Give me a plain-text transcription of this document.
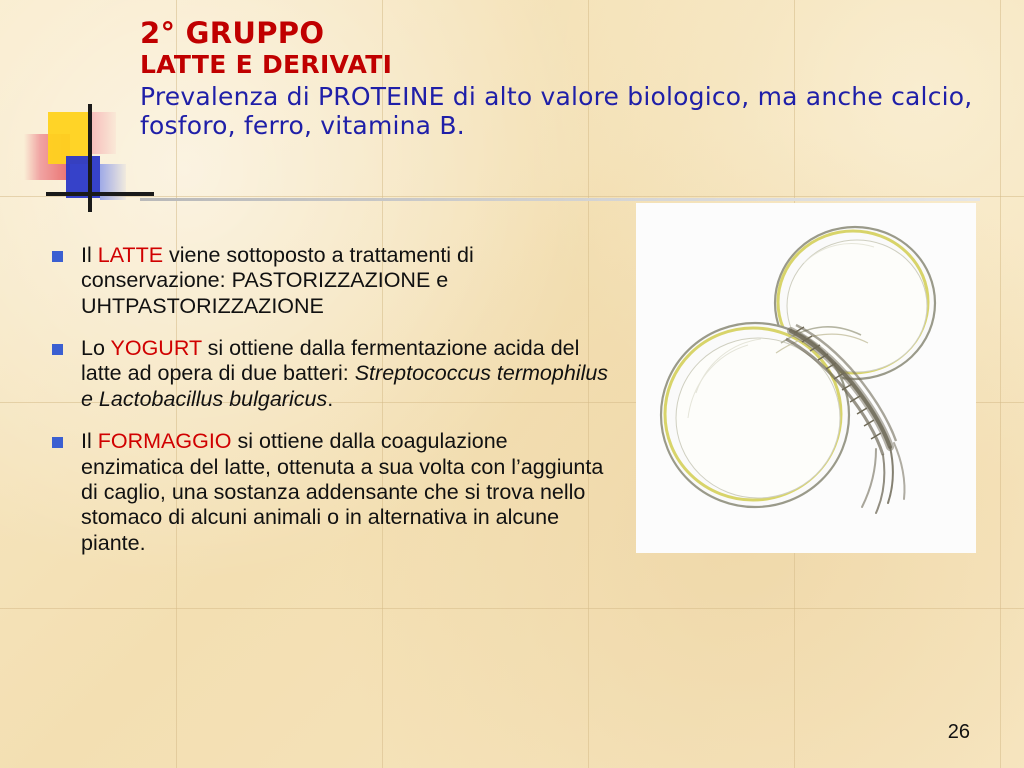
2° GRUPPO
LATTE E DERIVATI
Prevalenza di PROTEINE di alto valore biologico, ma anche calcio, fosforo, ferro, vitamina B.
Il LATTE viene sottoposto a trattamenti di conservazione: PASTORIZZAZIONE e UHTPASTORIZZAZIONE
Lo YOGURT si ottiene dalla fermentazione acida del latte ad opera di due batteri: Streptococcus termophilus e Lactobacillus bulgaricus.
Il FORMAGGIO si ottiene dalla coagulazione enzimatica del latte, ottenuta a sua volta con l’aggiunta di caglio, una sostanza addensante che si trova nello stomaco di alcuni animali o in alternativa in alcune piante.
26
